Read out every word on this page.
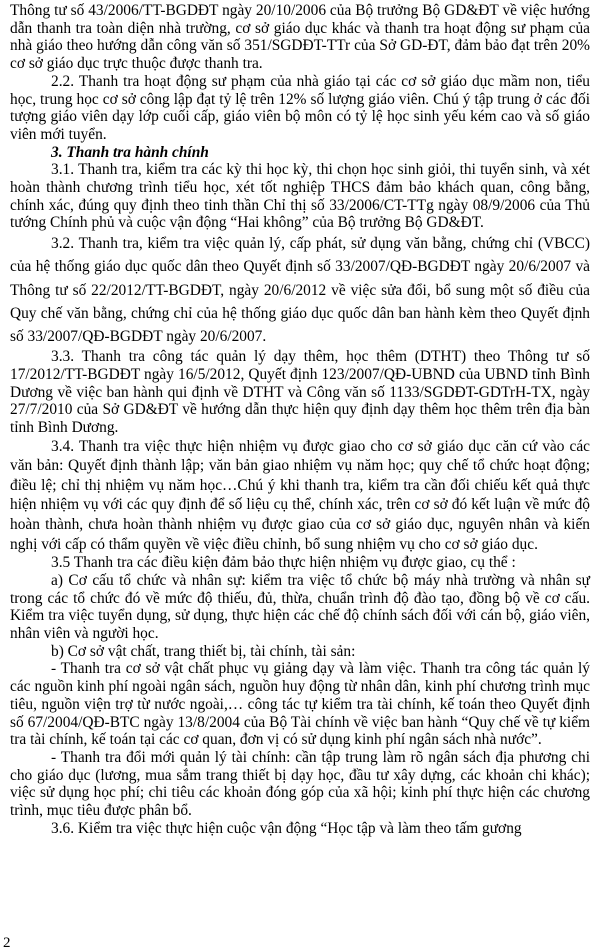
Thông tư số 43/2006/TT-BGDĐT ngày 20/10/2006 của Bộ trưởng Bộ GD&ĐT về việc hướng dẫn thanh tra toàn diện nhà trường, cơ sở giáo dục khác và thanh tra hoạt động sư phạm của nhà giáo theo hướng dẫn công văn số 351/SGDĐT-TTr của Sở GD-ĐT, đảm bảo đạt trên 20% cơ sở giáo dục trực thuộc được thanh tra.

2.2. Thanh tra hoạt động sư phạm của nhà giáo tại các cơ sở giáo dục mầm non, tiểu học, trung học cơ sở công lập đạt tỷ lệ trên 12% số lượng giáo viên. Chú ý tập trung ở các đối tượng giáo viên dạy lớp cuối cấp, giáo viên bộ môn có tỷ lệ học sinh yếu kém cao và số giáo viên mới tuyển.

3. Thanh tra hành chính

3.1. Thanh tra, kiểm tra các kỳ thi học kỳ, thi chọn học sinh giỏi, thi tuyển sinh, và xét hoàn thành chương trình tiểu học, xét tốt nghiệp THCS đảm bảo khách quan, công bằng, chính xác, đúng quy định theo tinh thần Chỉ thị số 33/2006/CT-TTg ngày 08/9/2006 của Thủ tướng Chính phủ và cuộc vận động “Hai không” của Bộ trưởng Bộ GD&ĐT.

3.2. Thanh tra, kiểm tra việc quản lý, cấp phát, sử dụng văn bằng, chứng chỉ (VBCC) của hệ thống giáo dục quốc dân theo Quyết định số 33/2007/QĐ-BGDĐT ngày 20/6/2007 và Thông tư số 22/2012/TT-BGDĐT, ngày 20/6/2012 về việc sửa đổi, bổ sung một số điều của Quy chế văn bằng, chứng chỉ của hệ thống giáo dục quốc dân ban hành kèm theo Quyết định số 33/2007/QĐ-BGDĐT ngày 20/6/2007.

3.3. Thanh tra công tác quản lý dạy thêm, học thêm (DTHT) theo Thông tư số 17/2012/TT-BGDĐT ngày 16/5/2012, Quyết định 123/2007/QĐ-UBND của UBND tỉnh Bình Dương về việc ban hành qui định về DTHT và Công văn số 1133/SGDĐT-GDTrH-TX, ngày 27/7/2010 của Sở GD&ĐT về hướng dẫn thực hiện quy định dạy thêm học thêm trên địa bàn tỉnh Bình Dương.

3.4. Thanh tra việc thực hiện nhiệm vụ được giao cho cơ sở giáo dục căn cứ vào các văn bản: Quyết định thành lập; văn bản giao nhiệm vụ năm học; quy chế tổ chức hoạt động; điều lệ; chỉ thị nhiệm vụ năm học…Chú ý khi thanh tra, kiểm tra cần đối chiếu kết quả thực hiện nhiệm vụ với các quy định để số liệu cụ thể, chính xác, trên cơ sở đó kết luận về mức độ hoàn thành, chưa hoàn thành nhiệm vụ được giao của cơ sở giáo dục, nguyên nhân và kiến nghị với cấp có thẩm quyền về việc điều chỉnh, bổ sung nhiệm vụ cho cơ sở giáo dục.

3.5 Thanh tra các điều kiện đảm bảo thực hiện nhiệm vụ được giao, cụ thể :

a) Cơ cấu tổ chức và nhân sự: kiểm tra việc tổ chức bộ máy nhà trường và nhân sự trong các tổ chức đó về mức độ thiếu, đủ, thừa, chuẩn trình độ đào tạo, đồng bộ về cơ cấu. Kiểm tra việc tuyển dụng, sử dụng, thực hiện các chế độ chính sách đối với cán bộ, giáo viên, nhân viên và người học.

b) Cơ sở vật chất, trang thiết bị, tài chính, tài sản:

- Thanh tra cơ sở vật chất phục vụ giảng dạy và làm việc. Thanh tra công tác quản lý các nguồn kinh phí ngoài ngân sách, nguồn huy động từ nhân dân, kinh phí chương trình mục tiêu, nguồn viện trợ từ nước ngoài,… công tác tự kiểm tra tài chính, kế toán theo Quyết định số 67/2004/QĐ-BTC ngày 13/8/2004 của Bộ Tài chính về việc ban hành “Quy chế về tự kiểm tra tài chính, kế toán tại các cơ quan, đơn vị có sử dụng kinh phí ngân sách nhà nước”.

- Thanh tra đổi mới quản lý tài chính: cần tập trung làm rõ ngân sách địa phương chi cho giáo dục (lương, mua sắm trang thiết bị dạy học, đầu tư xây dựng, các khoản chi khác); việc sử dụng học phí; chi tiêu các khoản đóng góp của xã hội; kinh phí thực hiện các chương trình, mục tiêu được phân bổ.

3.6. Kiểm tra việc thực hiện cuộc vận động “Học tập và làm theo tấm gương

2
